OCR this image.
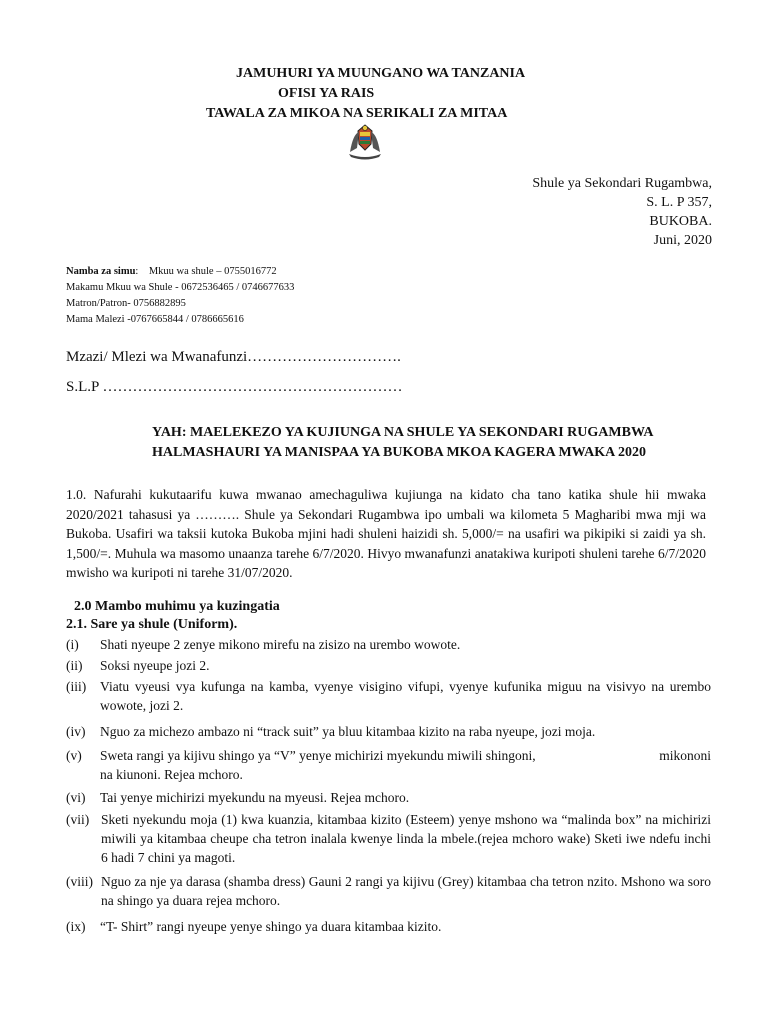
JAMUHURI YA MUUNGANO WA TANZANIA
OFISI YA RAIS
TAWALA ZA MIKOA NA SERIKALI ZA MITAA
Shule ya Sekondari Rugambwa,
S. L. P 357,
BUKOBA.
Juni, 2020
Namba za simu:    Mkuu wa shule – 0755016772
Makamu Mkuu wa Shule - 0672536465 / 0746677633
Matron/Patron- 0756882895
Mama Malezi -0767665844 / 0786665616
Mzazi/ Mlezi wa Mwanafunzi………………………….
S.L.P ……………………………………………………
YAH: MAELEKEZO YA KUJIUNGA NA SHULE YA SEKONDARI RUGAMBWA
HALMASHAURI YA MANISPAA YA BUKOBA MKOA KAGERA MWAKA 2020
1.0. Nafurahi kukutaarifu kuwa mwanao amechaguliwa kujiunga na kidato cha tano katika shule hii mwaka 2020/2021 tahasusi ya ………. Shule ya Sekondari Rugambwa ipo umbali wa kilometa 5 Magharibi mwa mji wa Bukoba. Usafiri wa taksii kutoka Bukoba mjini hadi shuleni haizidi sh. 5,000/= na usafiri wa pikipiki si zaidi ya sh. 1,500/=. Muhula wa masomo unaanza tarehe 6/7/2020. Hivyo mwanafunzi anatakiwa kuripoti shuleni tarehe 6/7/2020 mwisho wa kuripoti ni tarehe 31/07/2020.
2.0 Mambo muhimu ya kuzingatia
2.1. Sare ya shule (Uniform).
(i) Shati nyeupe 2 zenye mikono mirefu na zisizo na urembo wowote.
(ii) Soksi nyeupe jozi 2.
(iii) Viatu vyeusi vya kufunga na kamba, vyenye visigino vifupi, vyenye kufunika miguu na visivyo na urembo wowote, jozi 2.
(iv) Nguo za michezo ambazo ni “track suit” ya bluu kitambaa kizito na raba nyeupe, jozi moja.
(v) Sweta rangi ya kijivu shingo ya “V” yenye michirizi myekundu miwili shingoni,	mikononi
na kiunoni. Rejea mchoro.
(vi) Tai yenye michirizi myekundu na myeusi. Rejea mchoro.
(vii) Sketi nyekundu moja (1) kwa kuanzia, kitambaa kizito (Esteem) yenye mshono wa “malinda box” na michirizi miwili ya kitambaa cheupe cha tetron inalala kwenye linda la mbele.(rejea mchoro wake) Sketi iwe ndefu inchi 6 hadi 7 chini ya magoti.
(viii) Nguo za nje ya darasa (shamba dress) Gauni 2 rangi ya kijivu (Grey) kitambaa cha tetron nzito. Mshono wa soro na shingo ya duara rejea mchoro.
(ix) “T- Shirt” rangi nyeupe yenye shingo ya duara kitambaa kizito.
